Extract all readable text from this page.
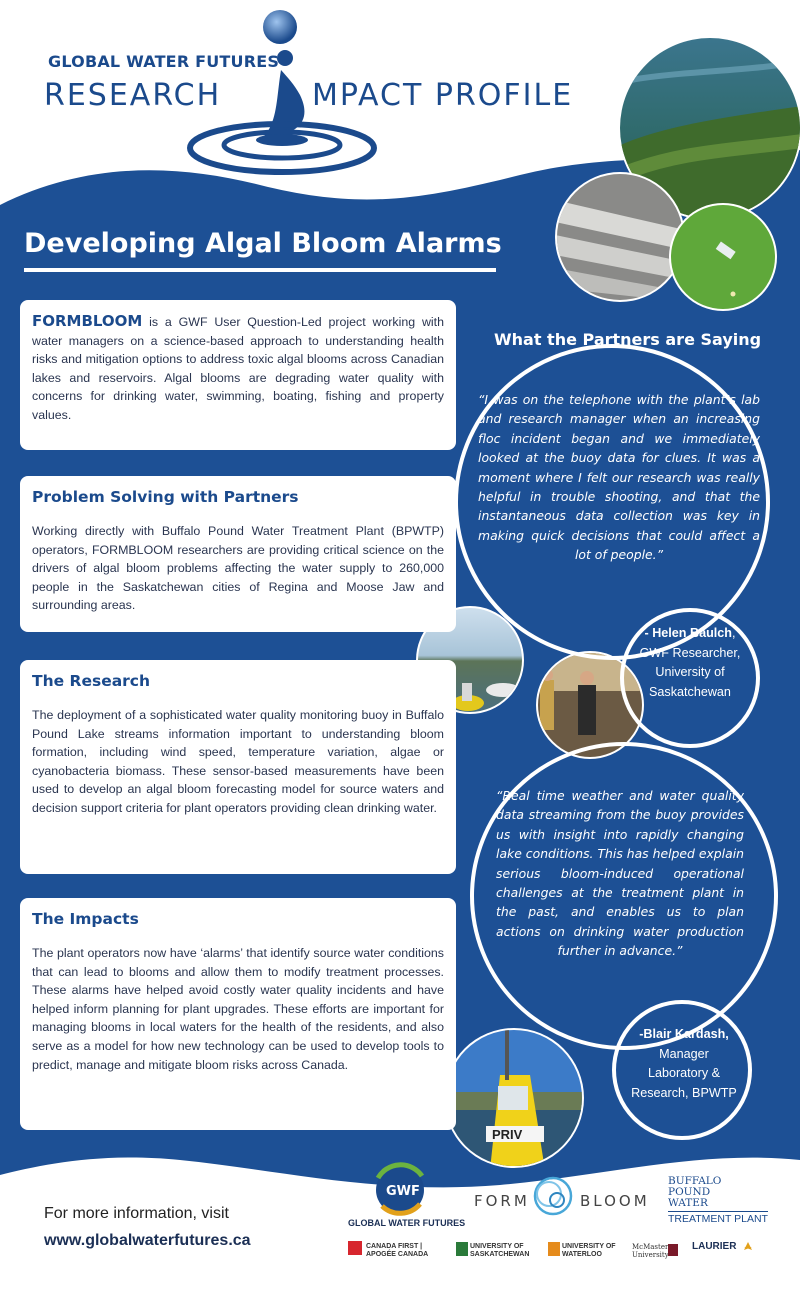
PRIV
GWF
GLOBAL WATER FUTURES
RESEARCH	MPACT PROFILE
Developing Algal Bloom Alarms

FORMBLOOM is a GWF User Question-Led project working with water managers on a science-based approach to understanding health risks and mitigation options to address toxic algal blooms across Canadian lakes and reservoirs. Algal blooms are degrading water quality with concerns for drinking water, swimming, boating, fishing and property values.

Problem Solving with Partners

Working directly with Buffalo Pound Water Treatment Plant (BPWTP) operators, FORMBLOOM researchers are providing critical science on the drivers of algal bloom problems affecting the water supply to 260,000 people in the Saskatchewan cities of Regina and Moose Jaw and surrounding areas.

The Research

The deployment of a sophisticated water quality monitoring buoy in Buffalo Pound Lake streams information important to understanding bloom formation, including wind speed, temperature variation, algae or cyanobacteria biomass. These sensor-based measurements have been used to develop an algal bloom forecasting model for source waters and decision support criteria for plant operators providing clean drinking water.

The Impacts

The plant operators now have ‘alarms’ that identify source water conditions that can lead to blooms and allow them to modify treatment processes. These alarms have helped avoid costly water quality incidents and have helped inform planning for plant upgrades. These efforts are important for managing blooms in local waters for the health of the residents, and also serve as a model for how new technology can be used to develop tools to predict, manage and mitigate bloom risks across Canada.

What the Partners are Saying
“I was on the telephone with the plant’s lab and research manager when an increasing floc incident began and we immediately looked at the buoy data for clues. It was a moment where I felt our research was really helpful in trouble shooting, and that the instantaneous data collection was key in making quick decisions that could affect a lot of people.”
- Helen Baulch, GWF Researcher, University of Saskatchewan
“Real time weather and water quality data streaming from the buoy provides us with insight into rapidly changing lake conditions. This has helped explain serious bloom-induced operational challenges at the treatment plant in the past, and enables us to plan actions on drinking water production further in advance.”
-Blair Kardash,
Manager Laboratory & Research, BPWTP
For more information, visit
www.globalwaterfutures.ca
GLOBAL WATER FUTURES
FORM	BLOOM
BUFFALO POUND WATER
TREATMENT PLANT
CANADA FIRST | APOGÉE CANADA
UNIVERSITY OF SASKATCHEWAN
UNIVERSITY OF WATERLOO
McMaster University
LAURIER
